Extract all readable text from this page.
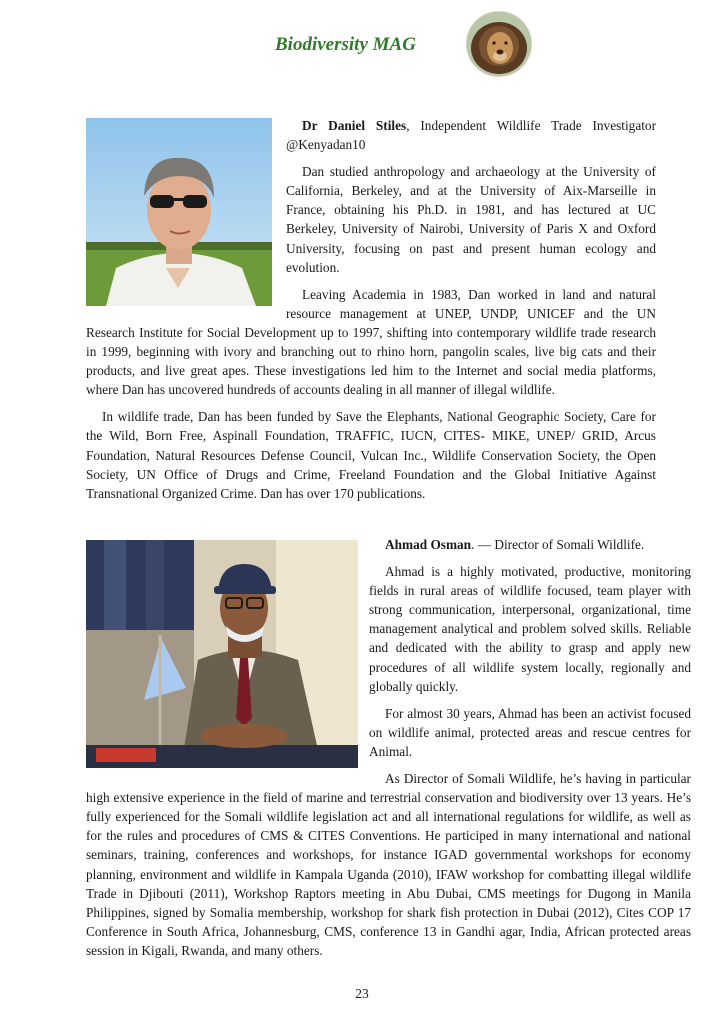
Biodiversity MAG

Dr Daniel Stiles, Independent Wildlife Trade Investigator @Kenyadan10

Dan studied anthropology and archaeology at the University of California, Berkeley, and at the University of Aix-Marseille in France, obtaining his Ph.D. in 1981, and has lectured at UC Berkeley, University of Nairobi, University of Paris X and Oxford University, focusing on past and present human ecology and evolution.

Leaving Academia in 1983, Dan worked in land and natural resource management at UNEP, UNDP, UNICEF and the UN Research Institute for Social Development up to 1997, shifting into contemporary wildlife trade research in 1999, beginning with ivory and branching out to rhino horn, pangolin scales, live big cats and their products, and live great apes. These investigations led him to the Internet and social media platforms, where Dan has uncovered hundreds of accounts dealing in all manner of illegal wildlife.

In wildlife trade, Dan has been funded by Save the Elephants, National Geographic Society, Care for the Wild, Born Free, Aspinall Foundation, TRAFFIC, IUCN, CITES- MIKE, UNEP/ GRID, Arcus Foundation, Natural Resources Defense Council, Vulcan Inc., Wildlife Conservation Society, the Open Society, UN Office of Drugs and Crime, Freeland Foundation and the Global Initiative Against Transnational Organized Crime. Dan has over 170 publications.

Ahmad Osman. — Director of Somali Wildlife.

Ahmad is a highly motivated, productive, monitoring fields in rural areas of wildlife focused, team player with strong communication, interpersonal, organizational, time management analytical and problem solved skills. Reliable and dedicated with the ability to grasp and apply new procedures of all wildlife system locally, regionally and globally quickly.

For almost 30 years, Ahmad has been an activist focused on wildlife animal, protected areas and rescue centres for Animal.

As Director of Somali Wildlife, he’s having in particular high extensive experience in the field of marine and terrestrial conservation and biodiversity over 13 years. He’s fully experienced for the Somali wildlife legislation act and all international regulations for wildlife, as well as for the rules and procedures of CMS & CITES Conventions. He participed in many international and national seminars, training, conferences and workshops, for instance IGAD governmental workshops for economy planning, environment and wildlife in Kampala Uganda (2010), IFAW workshop for combatting illegal wildlife Trade in Djibouti (2011), Workshop Raptors meeting in Abu Dubai, CMS meetings for Dugong in Manila Philippines, signed by Somalia membership, workshop for shark fish protection in Dubai (2012), Cites COP 17 Conference in South Africa, Johannesburg, CMS, conference 13 in Gandhi agar, India, African protected areas session in Kigali, Rwanda, and many others.

23
